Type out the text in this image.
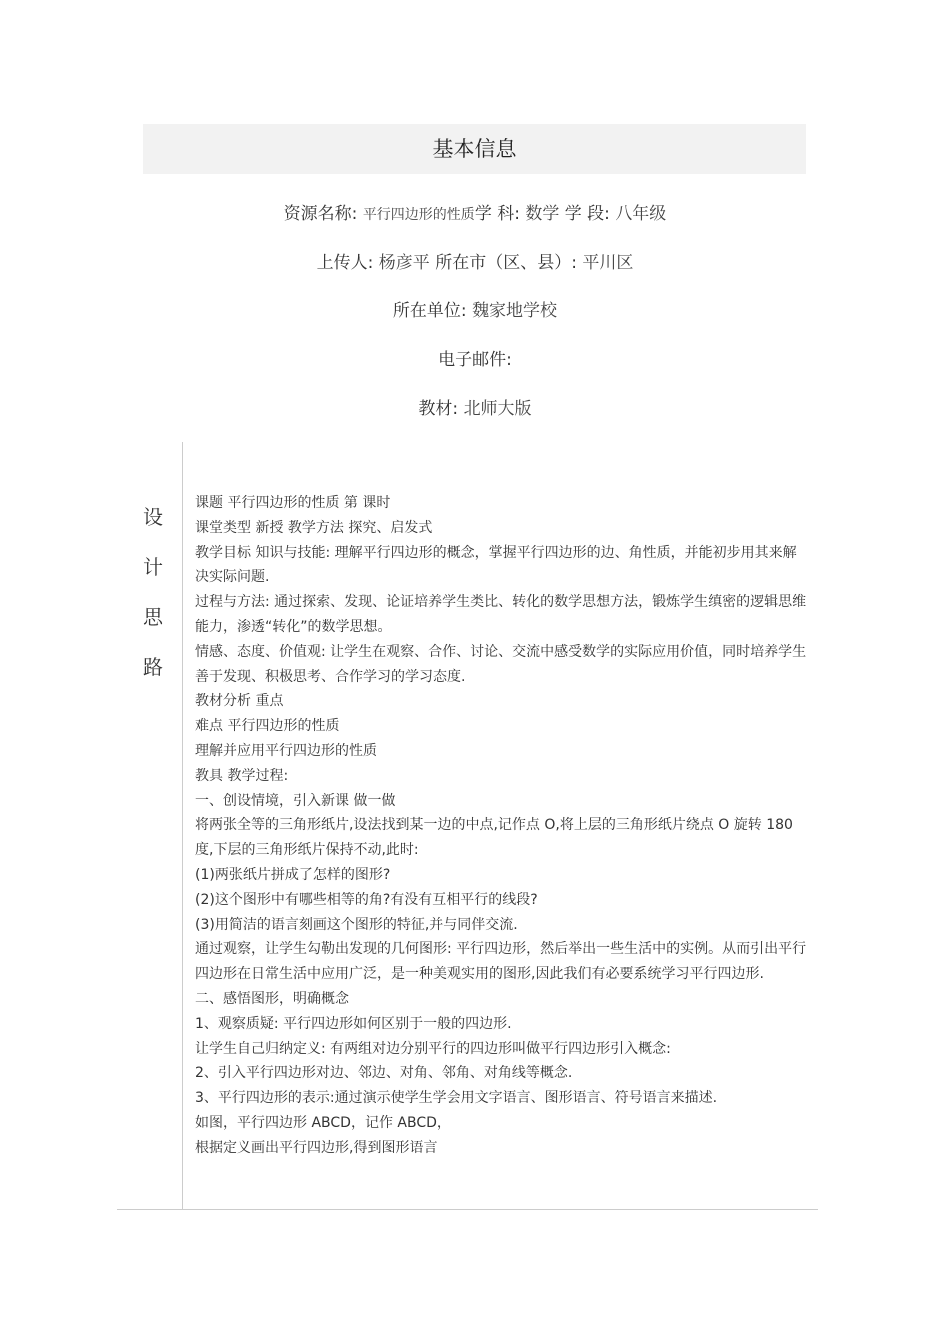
基本信息
资源名称: 平行四边形的性质学 科: 数学 学 段: 八年级
上传人: 杨彦平 所在市（区、县）: 平川区
所在单位: 魏家地学校
电子邮件:
教材: 北师大版
设
计
思
路

课题 平行四边形的性质 第 课时

课堂类型 新授 教学方法 探究、启发式

教学目标 知识与技能: 理解平行四边形的概念，掌握平行四边形的边、角性质，并能初步用其来解决实际问题.

过程与方法: 通过探索、发现、论证培养学生类比、转化的数学思想方法，锻炼学生缜密的逻辑思维能力，渗透“转化”的数学思想。

情感、态度、价值观: 让学生在观察、合作、讨论、交流中感受数学的实际应用价值，同时培养学生善于发现、积极思考、合作学习的学习态度.

教材分析 重点

难点 平行四边形的性质

理解并应用平行四边形的性质

教具 教学过程:

一、创设情境，引入新课 做一做

将两张全等的三角形纸片,设法找到某一边的中点,记作点 O,将上层的三角形纸片绕点 O 旋转 180 度,下层的三角形纸片保持不动,此时:

(1)两张纸片拼成了怎样的图形?

(2)这个图形中有哪些相等的角?有没有互相平行的线段?

(3)用简洁的语言刻画这个图形的特征,并与同伴交流.

通过观察，让学生勾勒出发现的几何图形: 平行四边形，然后举出一些生活中的实例。从而引出平行四边形在日常生活中应用广泛，是一种美观实用的图形,因此我们有必要系统学习平行四边形.

二、感悟图形，明确概念

1、观察质疑: 平行四边形如何区别于一般的四边形.

让学生自己归纳定义: 有两组对边分别平行的四边形叫做平行四边形引入概念:

2、引入平行四边形对边、邻边、对角、邻角、对角线等概念.

3、平行四边形的表示:通过演示使学生学会用文字语言、图形语言、符号语言来描述.

如图，平行四边形 ABCD，记作 ABCD，

根据定义画出平行四边形,得到图形语言
